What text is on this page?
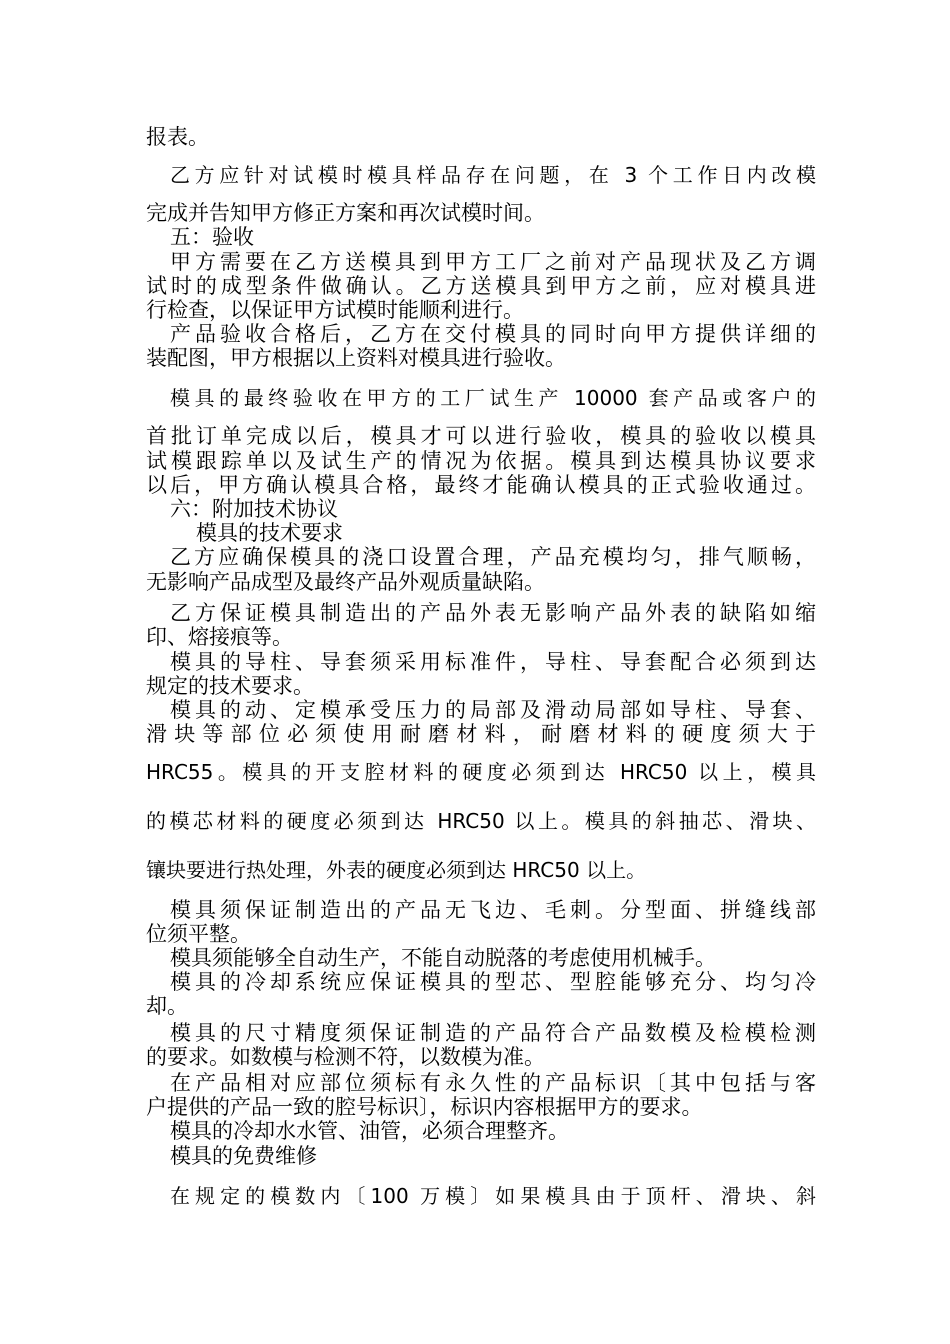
报表。
乙方应针对试模时模具样品存在问题，在 3 个工作日内改模
完成并告知甲方修正方案和再次试模时间。
五：验收
甲方需要在乙方送模具到甲方工厂之前对产品现状及乙方调
试时的成型条件做确认。乙方送模具到甲方之前，应对模具进
行检查，以保证甲方试模时能顺利进行。
产品验收合格后，乙方在交付模具的同时向甲方提供详细的
装配图，甲方根据以上资料对模具进行验收。
模具的最终验收在甲方的工厂试生产 10000 套产品或客户的
首批订单完成以后，模具才可以进行验收，模具的验收以模具
试模跟踪单以及试生产的情况为依据。模具到达模具协议要求
以后，甲方确认模具合格，最终才能确认模具的正式验收通过。
六：附加技术协议
模具的技术要求
乙方应确保模具的浇口设置合理，产品充模均匀，排气顺畅，
无影响产品成型及最终产品外观质量缺陷。
乙方保证模具制造出的产品外表无影响产品外表的缺陷如缩
印、熔接痕等。
模具的导柱、导套须采用标准件，导柱、导套配合必须到达
规定的技术要求。
模具的动、定模承受压力的局部及滑动局部如导柱、导套、
滑块等部位必须使用耐磨材料，耐磨材料的硬度须大于
HRC55。模具的开支腔材料的硬度必须到达 HRC50 以上，模具
的模芯材料的硬度必须到达 HRC50 以上。模具的斜抽芯、滑块、
镶块要进行热处理，外表的硬度必须到达 HRC50 以上。
模具须保证制造出的产品无飞边、毛刺。分型面、拼缝线部
位须平整。
模具须能够全自动生产，不能自动脱落的考虑使用机械手。
模具的冷却系统应保证模具的型芯、型腔能够充分、均匀冷
却。
模具的尺寸精度须保证制造的产品符合产品数模及检模检测
的要求。如数模与检测不符，以数模为准。
在产品相对应部位须标有永久性的产品标识〔其中包括与客
户提供的产品一致的腔号标识〕，标识内容根据甲方的要求。
模具的冷却水水管、油管，必须合理整齐。
模具的免费维修
在规定的模数内〔100 万模〕如果模具由于顶杆、滑块、斜
